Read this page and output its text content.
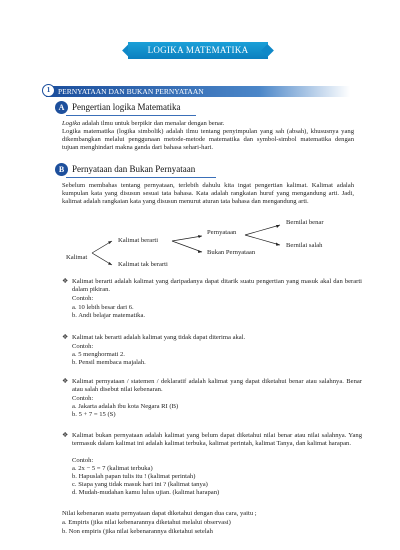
LOGIKA MATEMATIKA
PERNYATAAN DAN BUKAN PERNYATAAN
1
A Pengertian logika Matematika
Logika adalah ilmu untuk berpikir dan menalar dengan benar.
Logika matematika (logika simbolik) adalah ilmu tentang penyimpulan yang sah (absah), khususnya yang dikembangkan melalui penggunaan metode-metode matematika dan symbol-simbol matematika dengan tujuan menghindari makna ganda dari bahasa sehari-hari.
B Pernyataan dan Bukan Pernyataan
Sebelum membahas tentang pernyataan, terlebih dahulu kita ingat pengertian kalimat. Kalimat adalah kumpulan kata yang disusun sesuai tata bahasa. Kata adalah rangkaian huruf yang mengandung arti. Jadi, kalimat adalah rangkaian kata yang disusun menurut aturan tata bahasa dan mengandung arti.
Kalimat
Kalimat berarti
Kalimat tak berarti
Pernyataan
Bukan Pernyataan
Bernilai benar
Bernilai salah
❖ Kalimat berarti adalah kalimat yang daripadanya dapat ditarik suatu pengertian yang masuk akal dan berarti dalam pikiran.
Contoh:
a. 10 lebih besar dari 6.
b. Andi belajar matematika.
❖ Kalimat tak berarti adalah kalimat yang tidak dapat diterima akal.
Contoh:
a. 5 menghormati 2.
b. Pensil membaca majalah.
❖ Kalimat pernyataan / statemen / deklaratif adalah kalimat yang dapat diketahui benar atau salahnya. Benar atau salah disebut nilai kebenaran.
Contoh:
a. Jakarta adalah ibu kota Negara RI (B)
b. 5 + 7 = 15 (S)
❖ Kalimat bukan pernyataan adalah kalimat yang belum dapat diketahui nilai benar atau nilai salahnya. Yang termasuk dalam kalimat ini adalah kalimat terbuka, kalimat perintah, kalimat Tanya, dan kalimat harapan.
Contoh:
a. 2x − 5 = 7 (kalimat terbuka)
b. Hapuslah papan tulis itu ! (kalimat perintah)
c. Siapa yang tidak masuk hari ini ? (kalimat tanya)
d. Mudah-mudahan kamu lulus ujian. (kalimat harapan)
Nilai kebenaran suatu pernyataan dapat diketahui dengan dua cara, yaitu ;
a. Empiris (jika nilai kebenarannya diketahui melalui observasi)
b. Non empiris (jika nilai kebenarannya diketahui setelah
